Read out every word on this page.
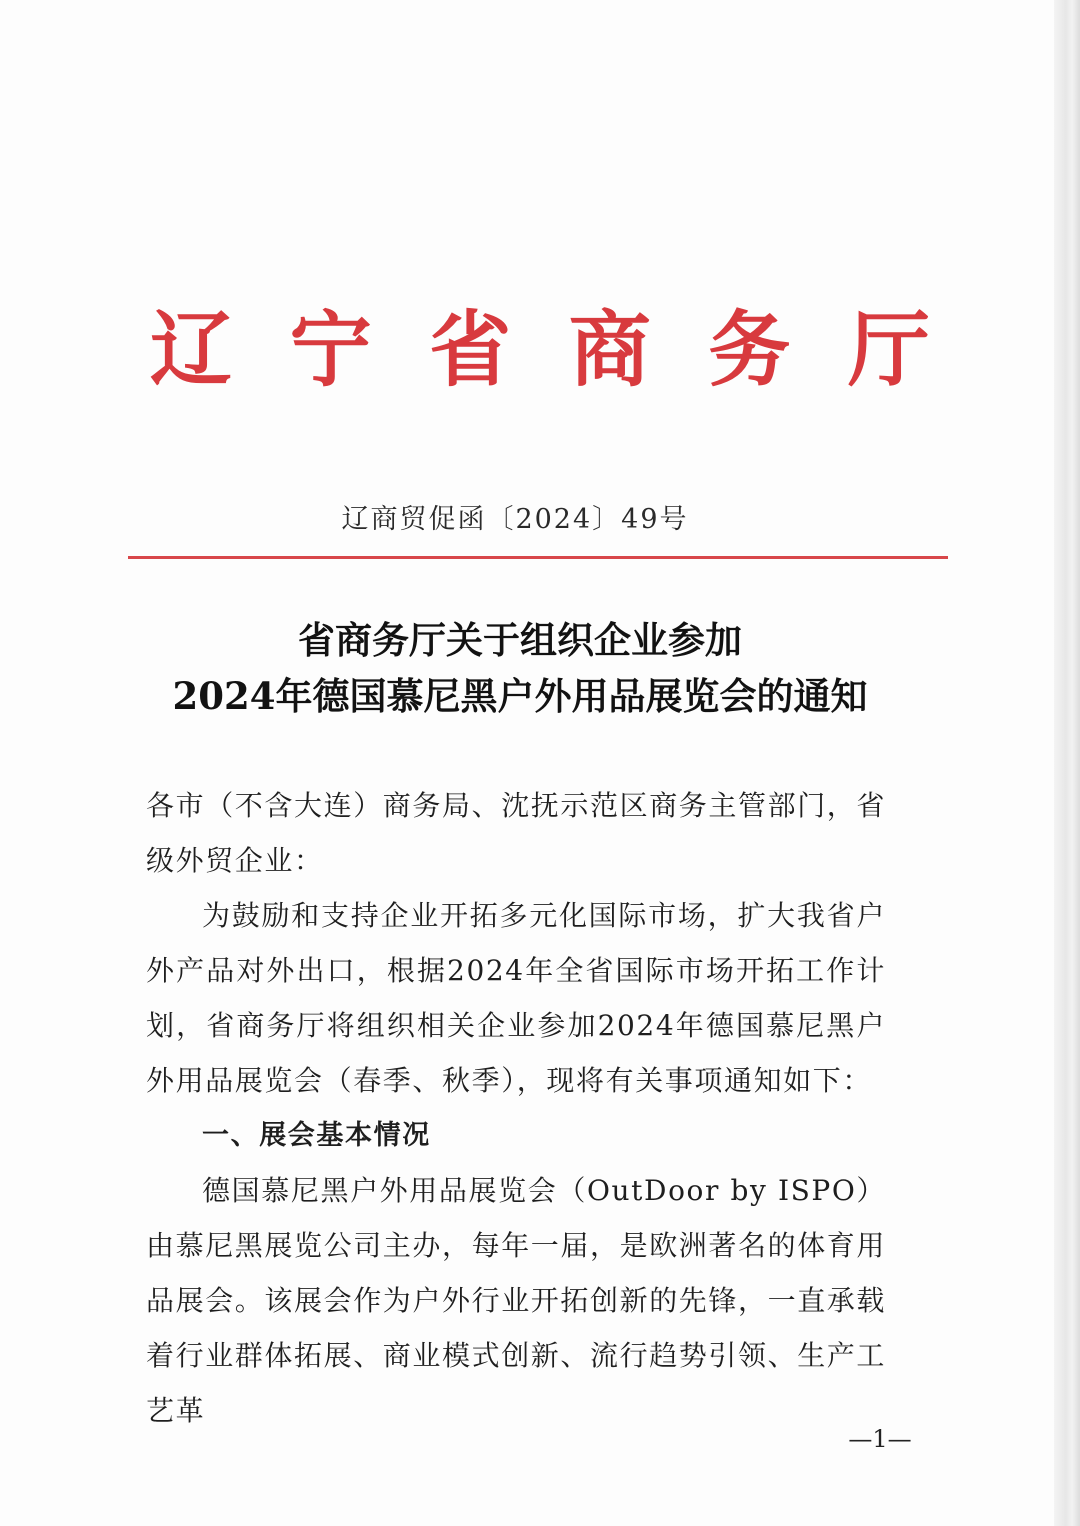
辽 宁 省 商 务 厅
辽商贸促函〔2024〕49号
省商务厅关于组织企业参加
2024年德国慕尼黑户外用品展览会的通知

各市（不含大连）商务局、沈抚示范区商务主管部门，省级外贸企业：

为鼓励和支持企业开拓多元化国际市场，扩大我省户外产品对外出口，根据2024年全省国际市场开拓工作计划，省商务厅将组织相关企业参加2024年德国慕尼黑户外用品展览会（春季、秋季），现将有关事项通知如下：

一、展会基本情况

德国慕尼黑户外用品展览会（OutDoor by ISPO）由慕尼黑展览公司主办，每年一届，是欧洲著名的体育用品展会。该展会作为户外行业开拓创新的先锋，一直承载着行业群体拓展、商业模式创新、流行趋势引领、生产工艺革

—1—
